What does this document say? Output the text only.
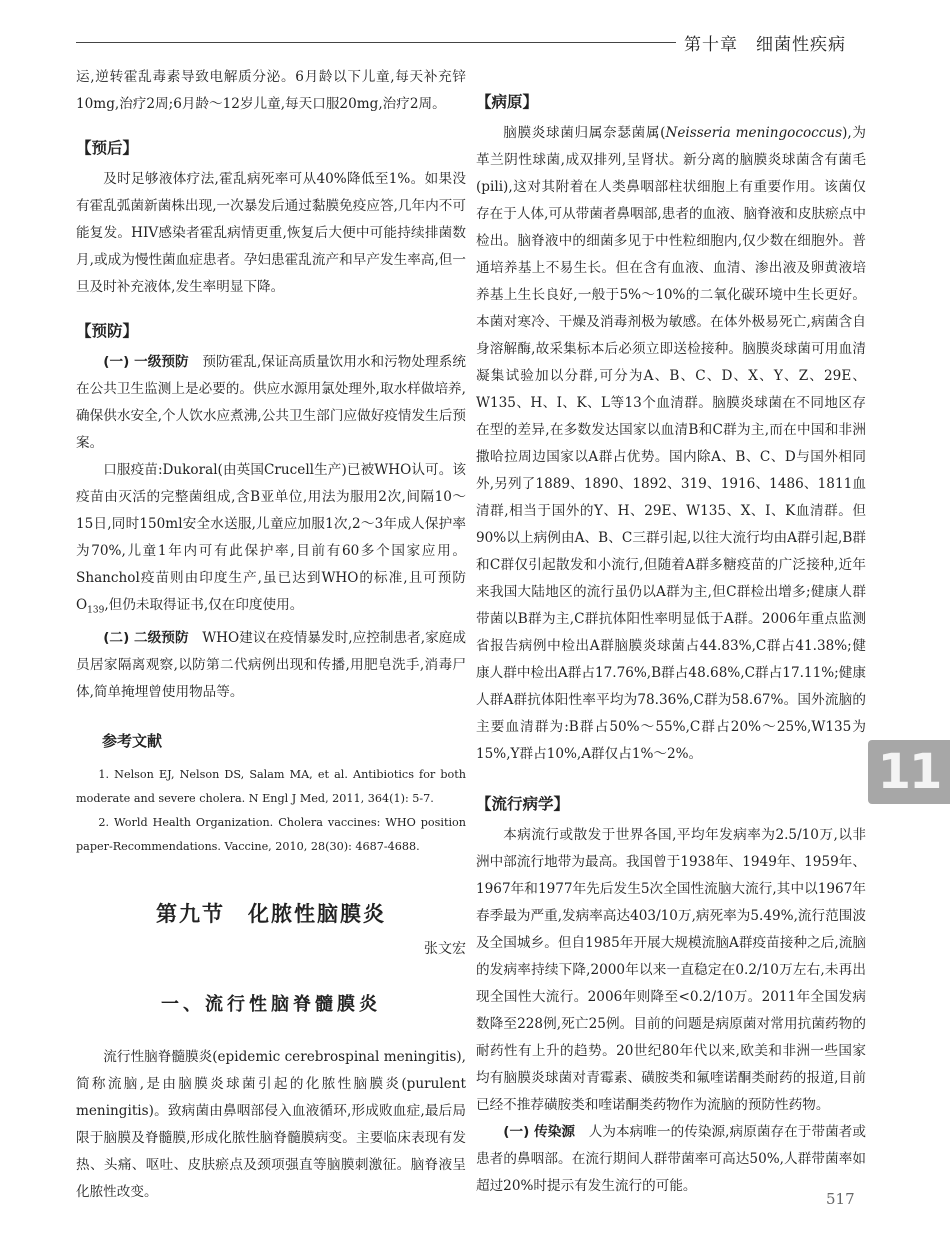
第十章　细菌性疾病

运,逆转霍乱毒素导致电解质分泌。6月龄以下儿童,每天补充锌10mg,治疗2周;6月龄～12岁儿童,每天口服20mg,治疗2周。

【预后】

及时足够液体疗法,霍乱病死率可从40%降低至1%。如果没有霍乱弧菌新菌株出现,一次暴发后通过黏膜免疫应答,几年内不可能复发。HIV感染者霍乱病情更重,恢复后大便中可能持续排菌数月,或成为慢性菌血症患者。孕妇患霍乱流产和早产发生率高,但一旦及时补充液体,发生率明显下降。

【预防】

(一) 一级预防　预防霍乱,保证高质量饮用水和污物处理系统在公共卫生监测上是必要的。供应水源用氯处理外,取水样做培养,确保供水安全,个人饮水应煮沸,公共卫生部门应做好疫情发生后预案。

口服疫苗:Dukoral(由英国Crucell生产)已被WHO认可。该疫苗由灭活的完整菌组成,含B亚单位,用法为服用2次,间隔10～15日,同时150ml安全水送服,儿童应加服1次,2～3年成人保护率为70%,儿童1年内可有此保护率,目前有60多个国家应用。Shanchol疫苗则由印度生产,虽已达到WHO的标准,且可预防$O_{139}$,但仍未取得证书,仅在印度使用。

(二) 二级预防　WHO建议在疫情暴发时,应控制患者,家庭成员居家隔离观察,以防第二代病例出现和传播,用肥皂洗手,消毒尸体,简单掩埋曾使用物品等。

参考文献

1. Nelson EJ, Nelson DS, Salam MA, et al. Antibiotics for both moderate and severe cholera. N Engl J Med, 2011, 364(1): 5-7.

2. World Health Organization. Cholera vaccines: WHO position paper-Recommendations. Vaccine, 2010, 28(30): 4687-4688.

第九节　化脓性脑膜炎
张文宏
一、流行性脑脊髓膜炎

流行性脑脊髓膜炎(epidemic cerebrospinal meningitis),简称流脑,是由脑膜炎球菌引起的化脓性脑膜炎(purulent meningitis)。致病菌由鼻咽部侵入血液循环,形成败血症,最后局限于脑膜及脊髓膜,形成化脓性脑脊髓膜病变。主要临床表现有发热、头痛、呕吐、皮肤瘀点及颈项强直等脑膜刺激征。脑脊液呈化脓性改变。

【病原】

脑膜炎球菌归属奈瑟菌属(Neisseria meningococcus),为革兰阴性球菌,成双排列,呈肾状。新分离的脑膜炎球菌含有菌毛(pili),这对其附着在人类鼻咽部柱状细胞上有重要作用。该菌仅存在于人体,可从带菌者鼻咽部,患者的血液、脑脊液和皮肤瘀点中检出。脑脊液中的细菌多见于中性粒细胞内,仅少数在细胞外。普通培养基上不易生长。但在含有血液、血清、渗出液及卵黄液培养基上生长良好,一般于5%～10%的二氧化碳环境中生长更好。本菌对寒冷、干燥及消毒剂极为敏感。在体外极易死亡,病菌含自身溶解酶,故采集标本后必须立即送检接种。脑膜炎球菌可用血清凝集试验加以分群,可分为A、B、C、D、X、Y、Z、29E、W135、H、I、K、L等13个血清群。脑膜炎球菌在不同地区存在型的差异,在多数发达国家以血清B和C群为主,而在中国和非洲撒哈拉周边国家以A群占优势。国内除A、B、C、D与国外相同外,另列了1889、1890、1892、319、1916、1486、1811血清群,相当于国外的Y、H、29E、W135、X、I、K血清群。但90%以上病例由A、B、C三群引起,以往大流行均由A群引起,B群和C群仅引起散发和小流行,但随着A群多糖疫苗的广泛接种,近年来我国大陆地区的流行虽仍以A群为主,但C群检出增多;健康人群带菌以B群为主,C群抗体阳性率明显低于A群。2006年重点监测省报告病例中检出A群脑膜炎球菌占44.83%,C群占41.38%;健康人群中检出A群占17.76%,B群占48.68%,C群占17.11%;健康人群A群抗体阳性率平均为78.36%,C群为58.67%。国外流脑的主要血清群为:B群占50%～55%,C群占20%～25%,W135为15%,Y群占10%,A群仅占1%～2%。

【流行病学】

本病流行或散发于世界各国,平均年发病率为2.5/10万,以非洲中部流行地带为最高。我国曾于1938年、1949年、1959年、1967年和1977年先后发生5次全国性流脑大流行,其中以1967年春季最为严重,发病率高达403/10万,病死率为5.49%,流行范围波及全国城乡。但自1985年开展大规模流脑A群疫苗接种之后,流脑的发病率持续下降,2000年以来一直稳定在0.2/10万左右,未再出现全国性大流行。2006年则降至<0.2/10万。2011年全国发病数降至228例,死亡25例。目前的问题是病原菌对常用抗菌药物的耐药性有上升的趋势。20世纪80年代以来,欧美和非洲一些国家均有脑膜炎球菌对青霉素、磺胺类和氟喹诺酮类耐药的报道,目前已经不推荐磺胺类和喹诺酮类药物作为流脑的预防性药物。

(一) 传染源　人为本病唯一的传染源,病原菌存在于带菌者或患者的鼻咽部。在流行期间人群带菌率可高达50%,人群带菌率如超过20%时提示有发生流行的可能。

11
517
